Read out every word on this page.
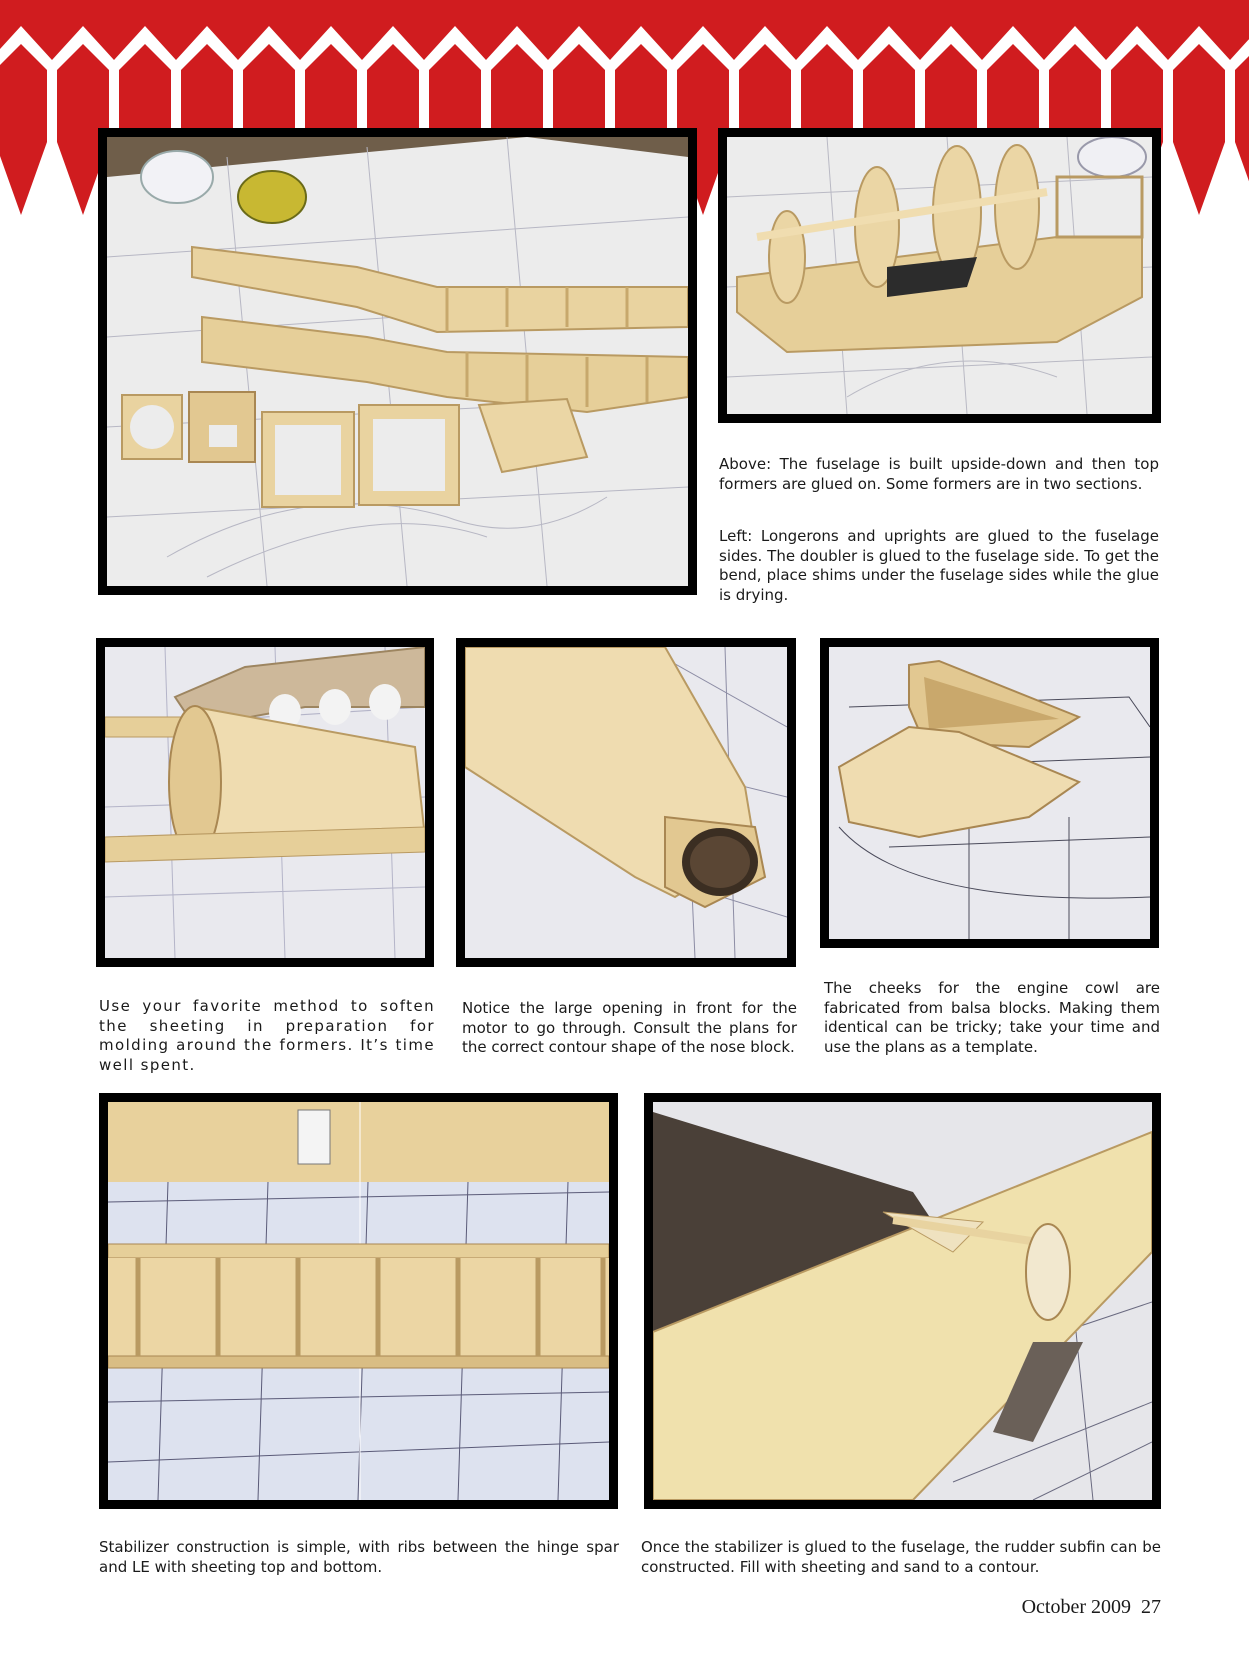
Above: The fuselage is built upside-down and then top formers are glued on. Some formers are in two sections.

Left: Longerons and uprights are glued to the fuselage sides. The doubler is glued to the fuselage side. To get the bend, place shims under the fuselage sides while the glue is drying.

Use your favorite method to soften the sheeting in preparation for molding around the formers. It’s time well spent.

Notice the large opening in front for the motor to go through. Consult the plans for the correct contour shape of the nose block.

The cheeks for the engine cowl are fabricated from balsa blocks. Making them identical can be tricky; take your time and use the plans as a template.

Stabilizer construction is simple, with ribs between the hinge spar and LE with sheeting top and bottom.

Once the stabilizer is glued to the fuselage, the rudder subfin can be constructed. Fill with sheeting and sand to a contour.

October 2009 27
